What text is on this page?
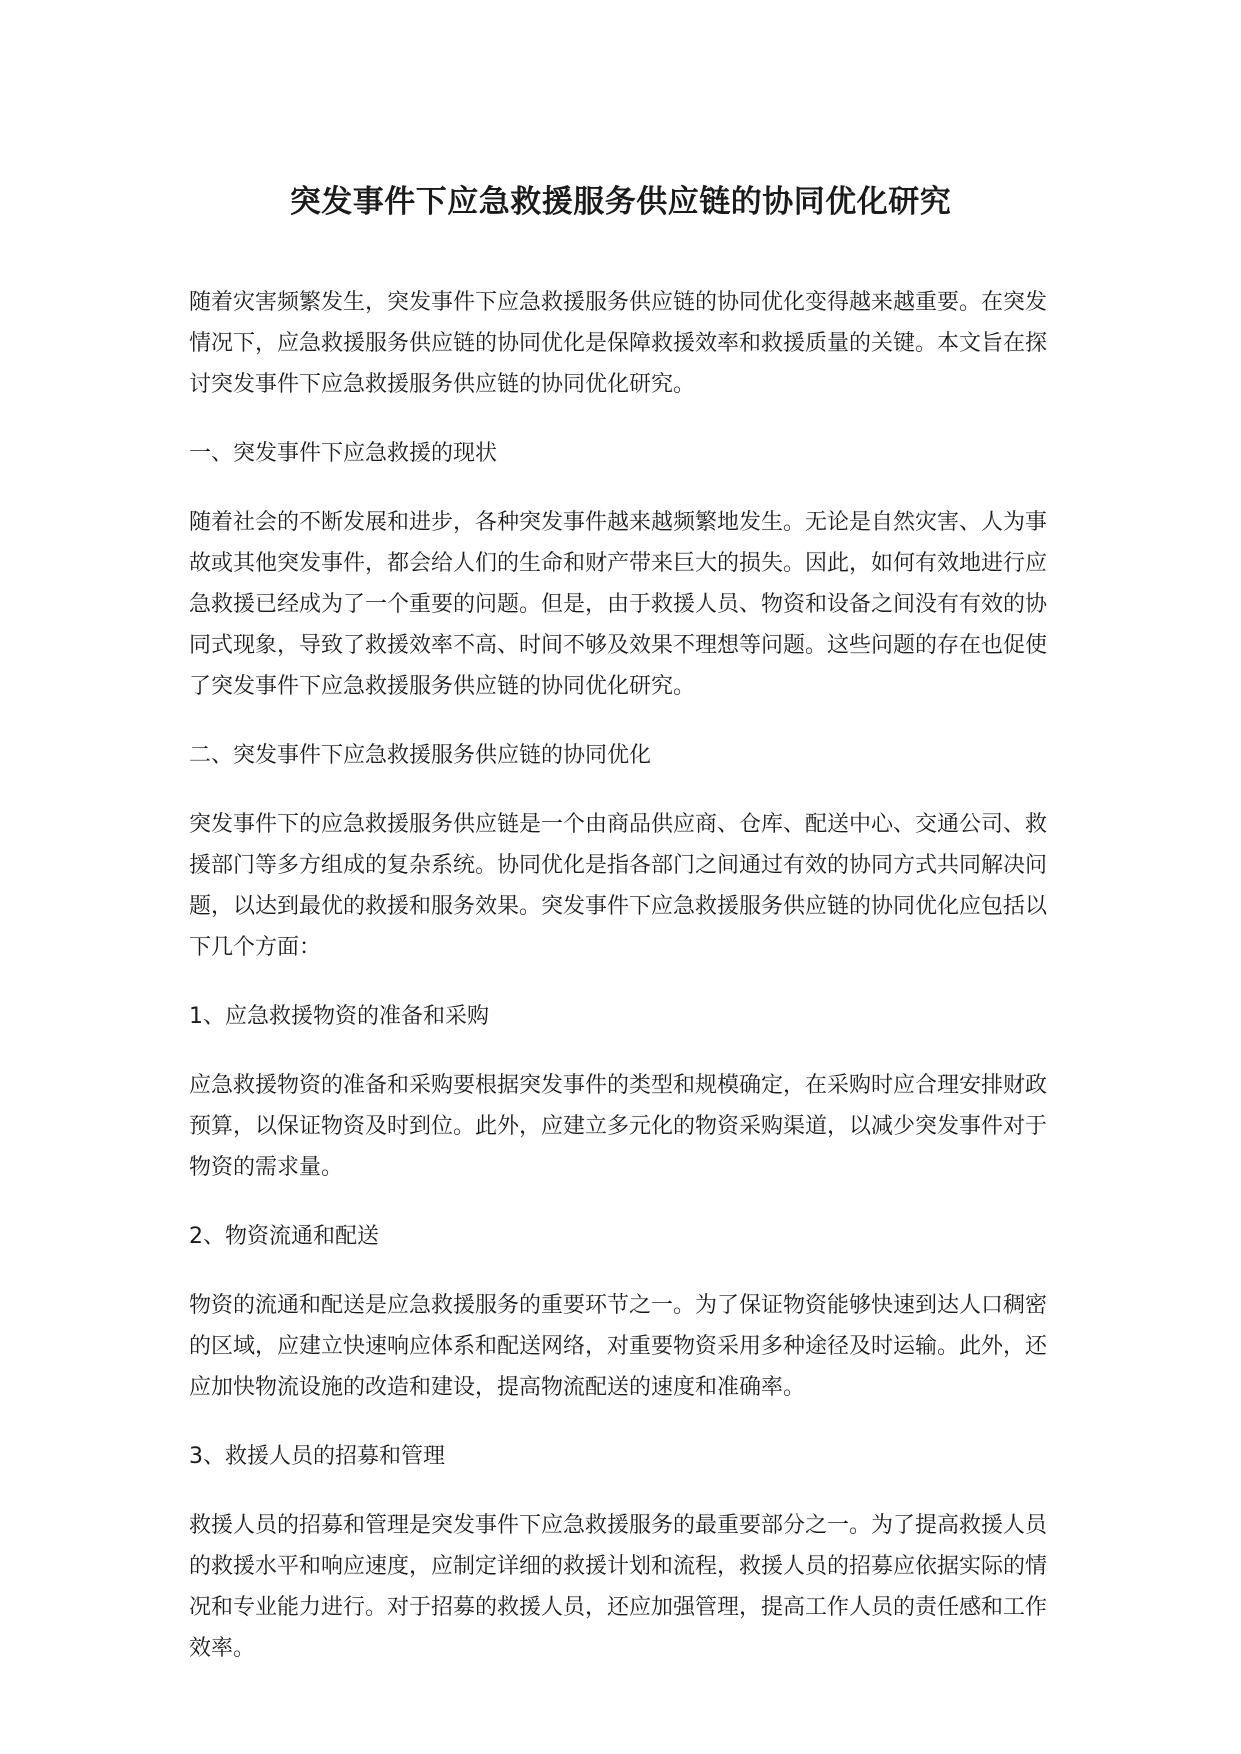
突发事件下应急救援服务供应链的协同优化研究

随着灾害频繁发生，突发事件下应急救援服务供应链的协同优化变得越来越重要。在突发情况下，应急救援服务供应链的协同优化是保障救援效率和救援质量的关键。本文旨在探讨突发事件下应急救援服务供应链的协同优化研究。

一、突发事件下应急救援的现状

随着社会的不断发展和进步，各种突发事件越来越频繁地发生。无论是自然灾害、人为事故或其他突发事件，都会给人们的生命和财产带来巨大的损失。因此，如何有效地进行应急救援已经成为了一个重要的问题。但是，由于救援人员、物资和设备之间没有有效的协同式现象，导致了救援效率不高、时间不够及效果不理想等问题。这些问题的存在也促使了突发事件下应急救援服务供应链的协同优化研究。

二、突发事件下应急救援服务供应链的协同优化

突发事件下的应急救援服务供应链是一个由商品供应商、仓库、配送中心、交通公司、救援部门等多方组成的复杂系统。协同优化是指各部门之间通过有效的协同方式共同解决问题，以达到最优的救援和服务效果。突发事件下应急救援服务供应链的协同优化应包括以下几个方面：

1、应急救援物资的准备和采购

应急救援物资的准备和采购要根据突发事件的类型和规模确定，在采购时应合理安排财政预算，以保证物资及时到位。此外，应建立多元化的物资采购渠道，以减少突发事件对于物资的需求量。

2、物资流通和配送

物资的流通和配送是应急救援服务的重要环节之一。为了保证物资能够快速到达人口稠密的区域，应建立快速响应体系和配送网络，对重要物资采用多种途径及时运输。此外，还应加快物流设施的改造和建设，提高物流配送的速度和准确率。

3、救援人员的招募和管理

救援人员的招募和管理是突发事件下应急救援服务的最重要部分之一。为了提高救援人员的救援水平和响应速度，应制定详细的救援计划和流程，救援人员的招募应依据实际的情况和专业能力进行。对于招募的救援人员，还应加强管理，提高工作人员的责任感和工作效率。
